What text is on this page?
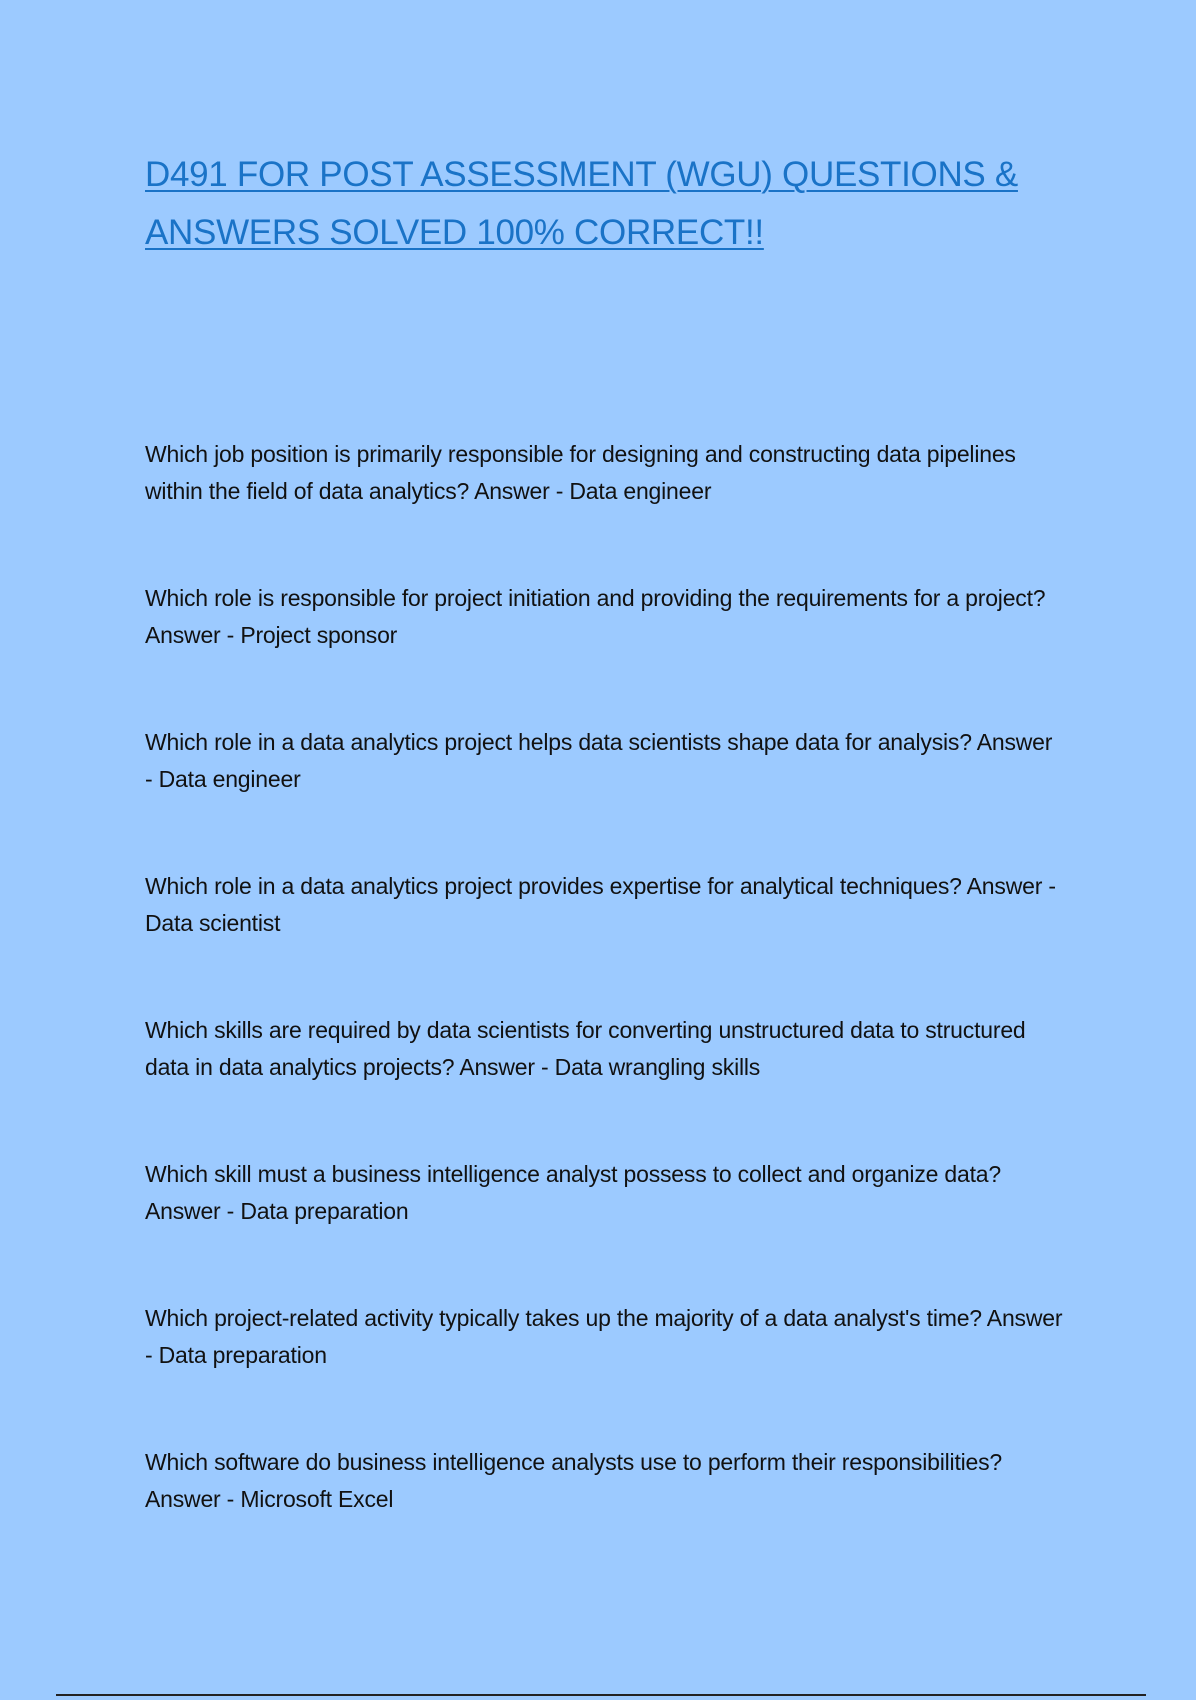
D491 FOR POST ASSESSMENT (WGU) QUESTIONS & ANSWERS SOLVED 100% CORRECT!!
Which job position is primarily responsible for designing and constructing data pipelines within the field of data analytics? Answer - Data engineer
Which role is responsible for project initiation and providing the requirements for a project? Answer - Project sponsor
Which role in a data analytics project helps data scientists shape data for analysis? Answer - Data engineer
Which role in a data analytics project provides expertise for analytical techniques? Answer - Data scientist
Which skills are required by data scientists for converting unstructured data to structured data in data analytics projects? Answer - Data wrangling skills
Which skill must a business intelligence analyst possess to collect and organize data? Answer - Data preparation
Which project-related activity typically takes up the majority of a data analyst's time? Answer - Data preparation
Which software do business intelligence analysts use to perform their responsibilities? Answer - Microsoft Excel
